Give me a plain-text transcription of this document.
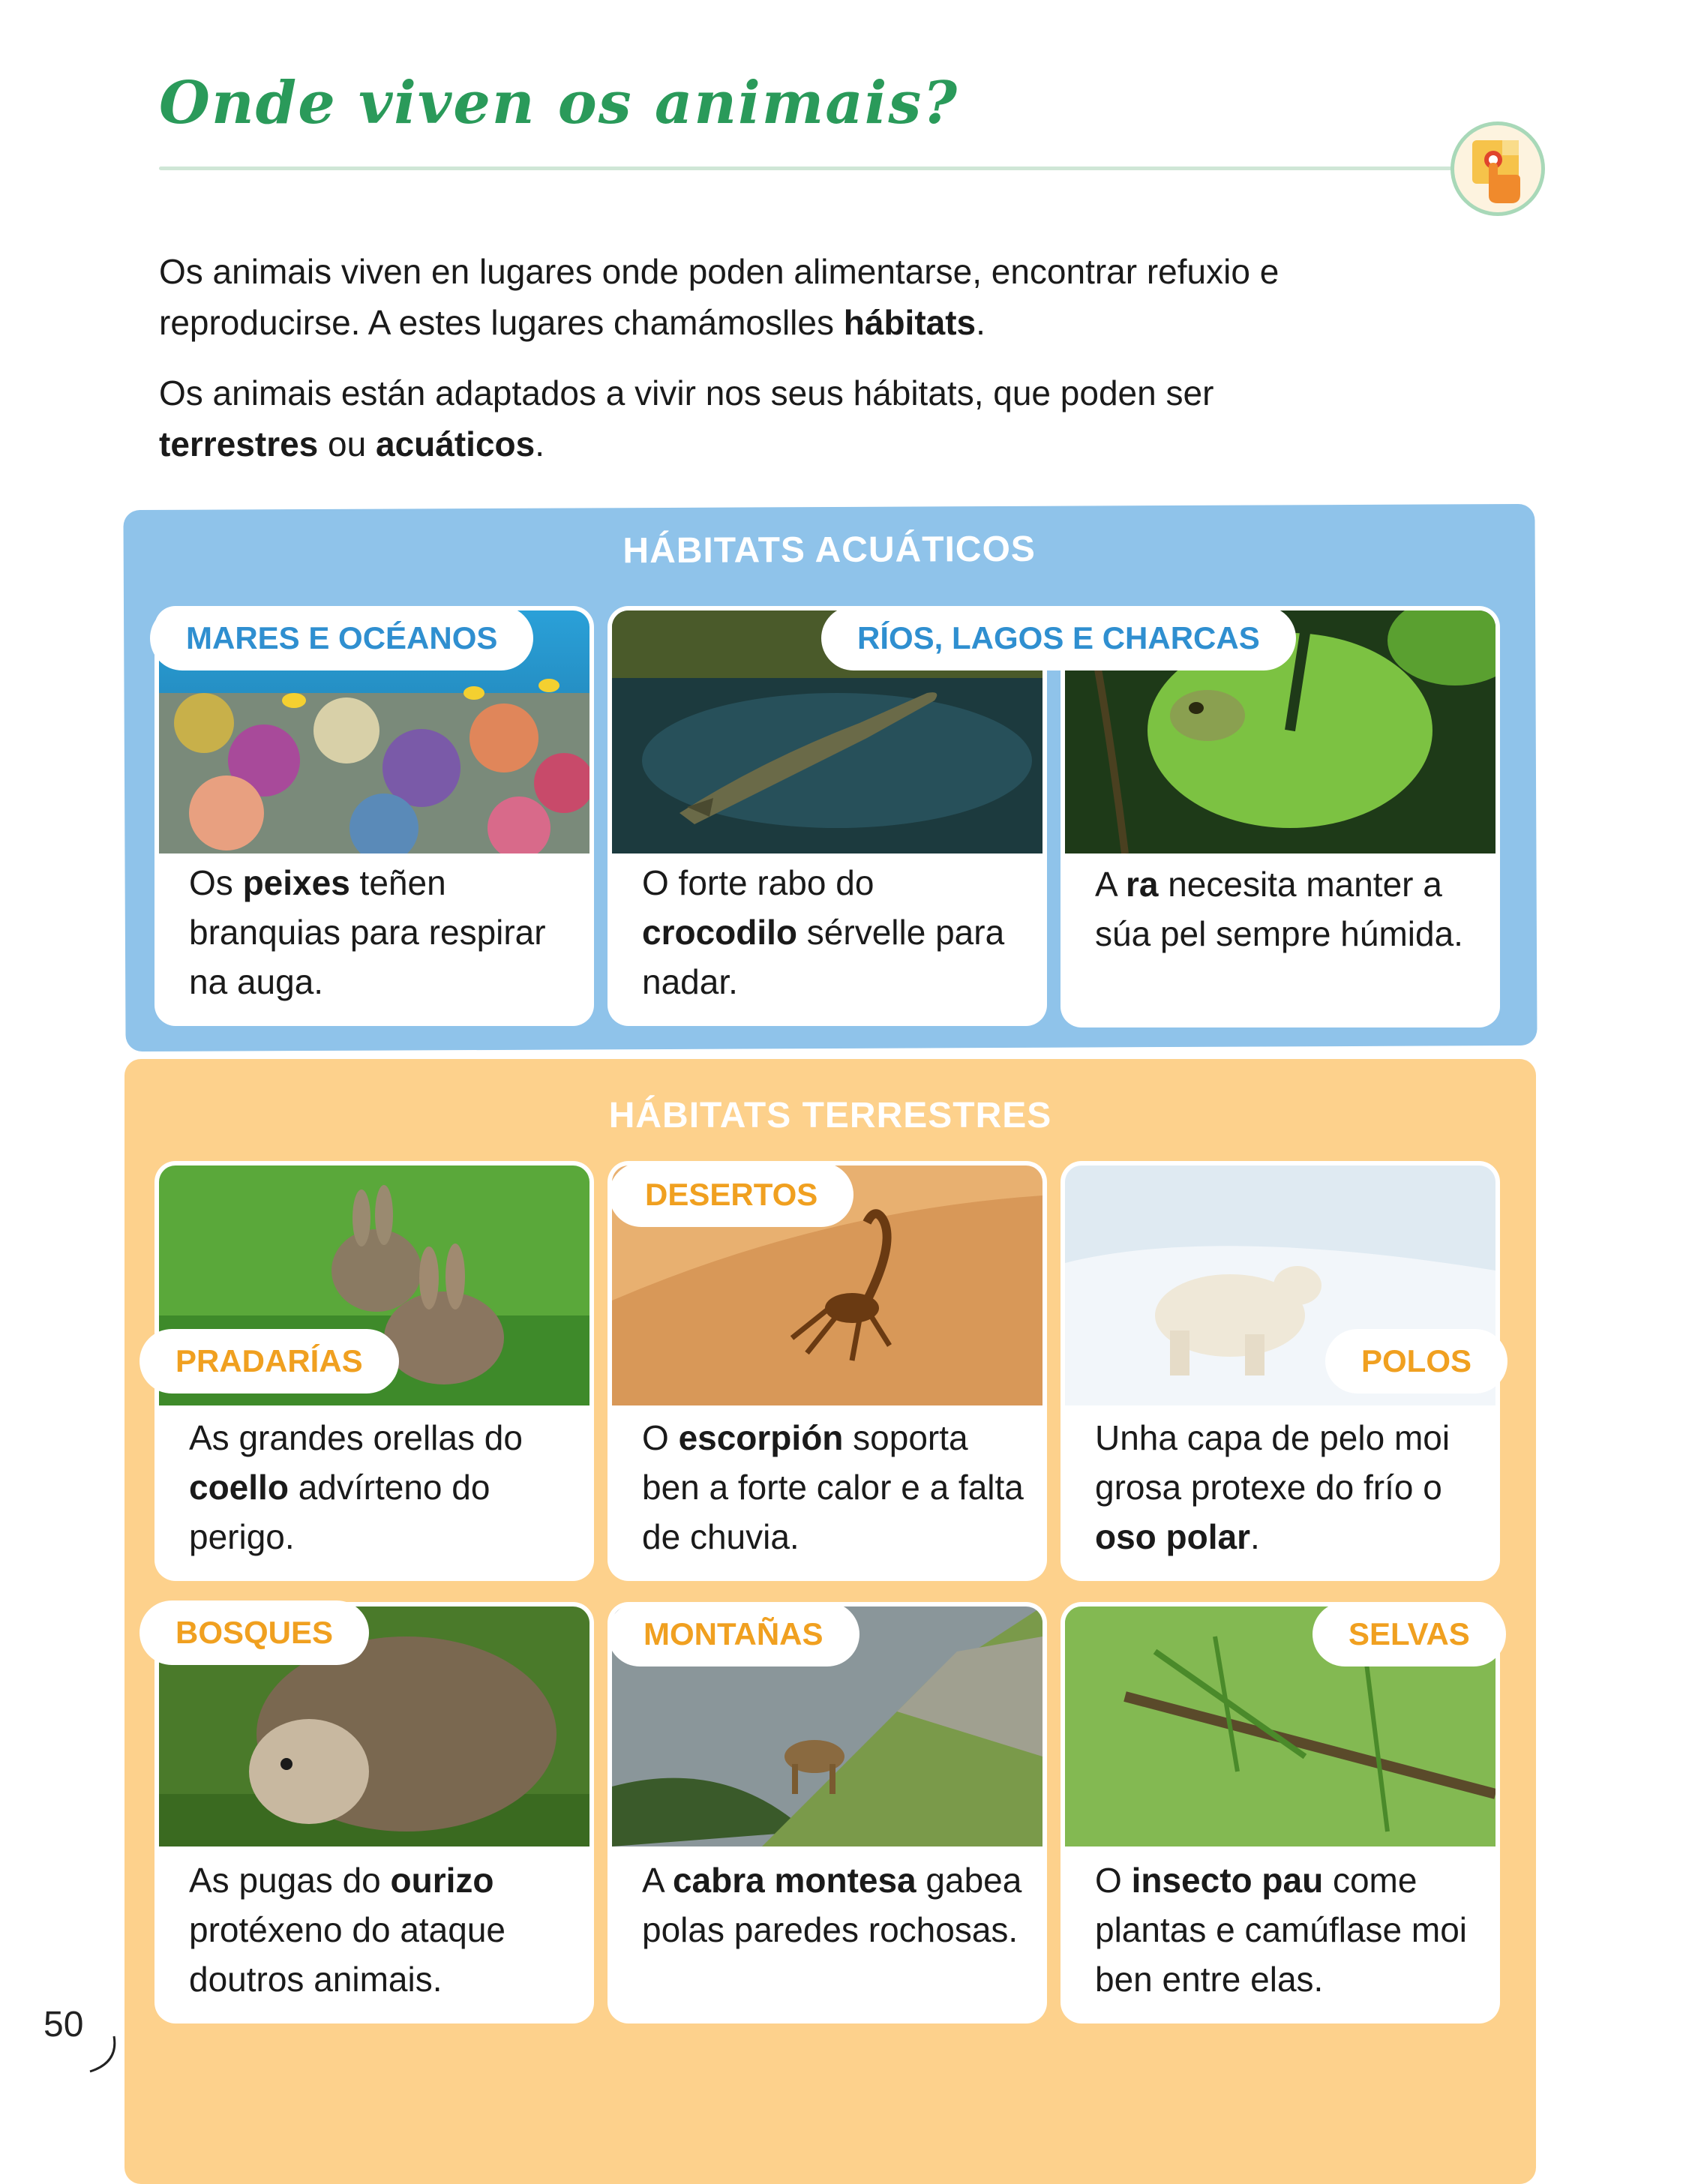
Onde viven os animais?

Os animais viven en lugares onde poden alimentarse, encontrar refuxio e reproducirse. A estes lugares chamámoslles hábitats.

Os animais están adaptados a vivir nos seus hábitats, que poden ser terrestres ou acuáticos.

HÁBITATS ACUÁTICOS

Os peixes teñen branquias para respirar na auga.

MARES E OCÉANOS

O forte rabo do crocodilo sérvelle para nadar.

A ra necesita manter a súa pel sempre húmida.

RÍOS, LAGOS E CHARCAS
HÁBITATS TERRESTRES

As grandes orellas do coello advírteno do perigo.

PRADARÍAS

O escorpión soporta ben a forte calor e a falta de chuvia.

DESERTOS

Unha capa de pelo moi grosa protexe do frío o oso polar.

POLOS

As pugas do ourizo protéxeno do ataque doutros animais.

BOSQUES

A cabra montesa gabea polas paredes rochosas.

MONTAÑAS

O insecto pau come plantas e camúflase moi ben entre elas.

SELVAS
50
